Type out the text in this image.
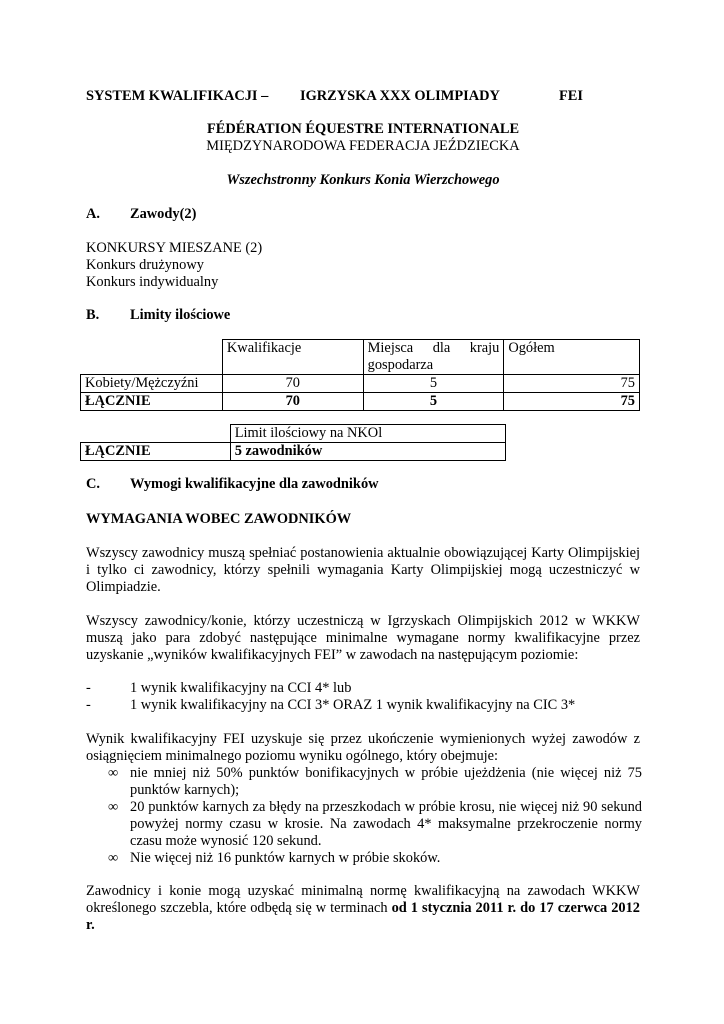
SYSTEM KWALIFIKACJI – IGRZYSKA XXX OLIMPIADY	FEI
FÉDÉRATION ÉQUESTRE INTERNATIONALE
MIĘDZYNARODOWA FEDERACJA JEŹDZIECKA
Wszechstronny Konkurs Konia Wierzchowego
A. Zawody(2)
KONKURSY MIESZANE (2)
Konkurs drużynowy
Konkurs indywidualny
B. Limity ilościowe
	Kwalifikacje	Miejsca dla kraju gospodarza	Ogółem
Kobiety/Mężczyźni	70	5	75
ŁĄCZNIE	70	5	75
	Limit ilościowy na NKOl
ŁĄCZNIE	5 zawodników
C. Wymogi kwalifikacyjne dla zawodników
WYMAGANIA WOBEC ZAWODNIKÓW
Wszyscy zawodnicy muszą spełniać postanowienia aktualnie obowiązującej Karty Olimpijskiej i tylko ci zawodnicy, którzy spełnili wymagania Karty Olimpijskiej mogą uczestniczyć w Olimpiadzie.
Wszyscy zawodnicy/konie, którzy uczestniczą w Igrzyskach Olimpijskich 2012 w WKKW muszą jako para zdobyć następujące minimalne wymagane normy kwalifikacyjne przez uzyskanie „wyników kwalifikacyjnych FEI” w zawodach na następującym poziomie:
-	1 wynik kwalifikacyjny na CCI 4* lub
-	1 wynik kwalifikacyjny na CCI 3* ORAZ 1 wynik kwalifikacyjny na CIC 3*
Wynik kwalifikacyjny FEI uzyskuje się przez ukończenie wymienionych wyżej zawodów z osiągnięciem minimalnego poziomu wyniku ogólnego, który obejmuje:
∞ nie mniej niż 50% punktów bonifikacyjnych w próbie ujeżdżenia (nie więcej niż 75 punktów karnych);
∞ 20 punktów karnych za błędy na przeszkodach w próbie krosu, nie więcej niż 90 sekund powyżej normy czasu w krosie. Na zawodach 4* maksymalne przekroczenie normy czasu może wynosić 120 sekund.
∞ Nie więcej niż 16 punktów karnych w próbie skoków.
Zawodnicy i konie mogą uzyskać minimalną normę kwalifikacyjną na zawodach WKKW określonego szczebla, które odbędą się w terminach od 1 stycznia 2011 r. do 17 czerwca 2012 r.
